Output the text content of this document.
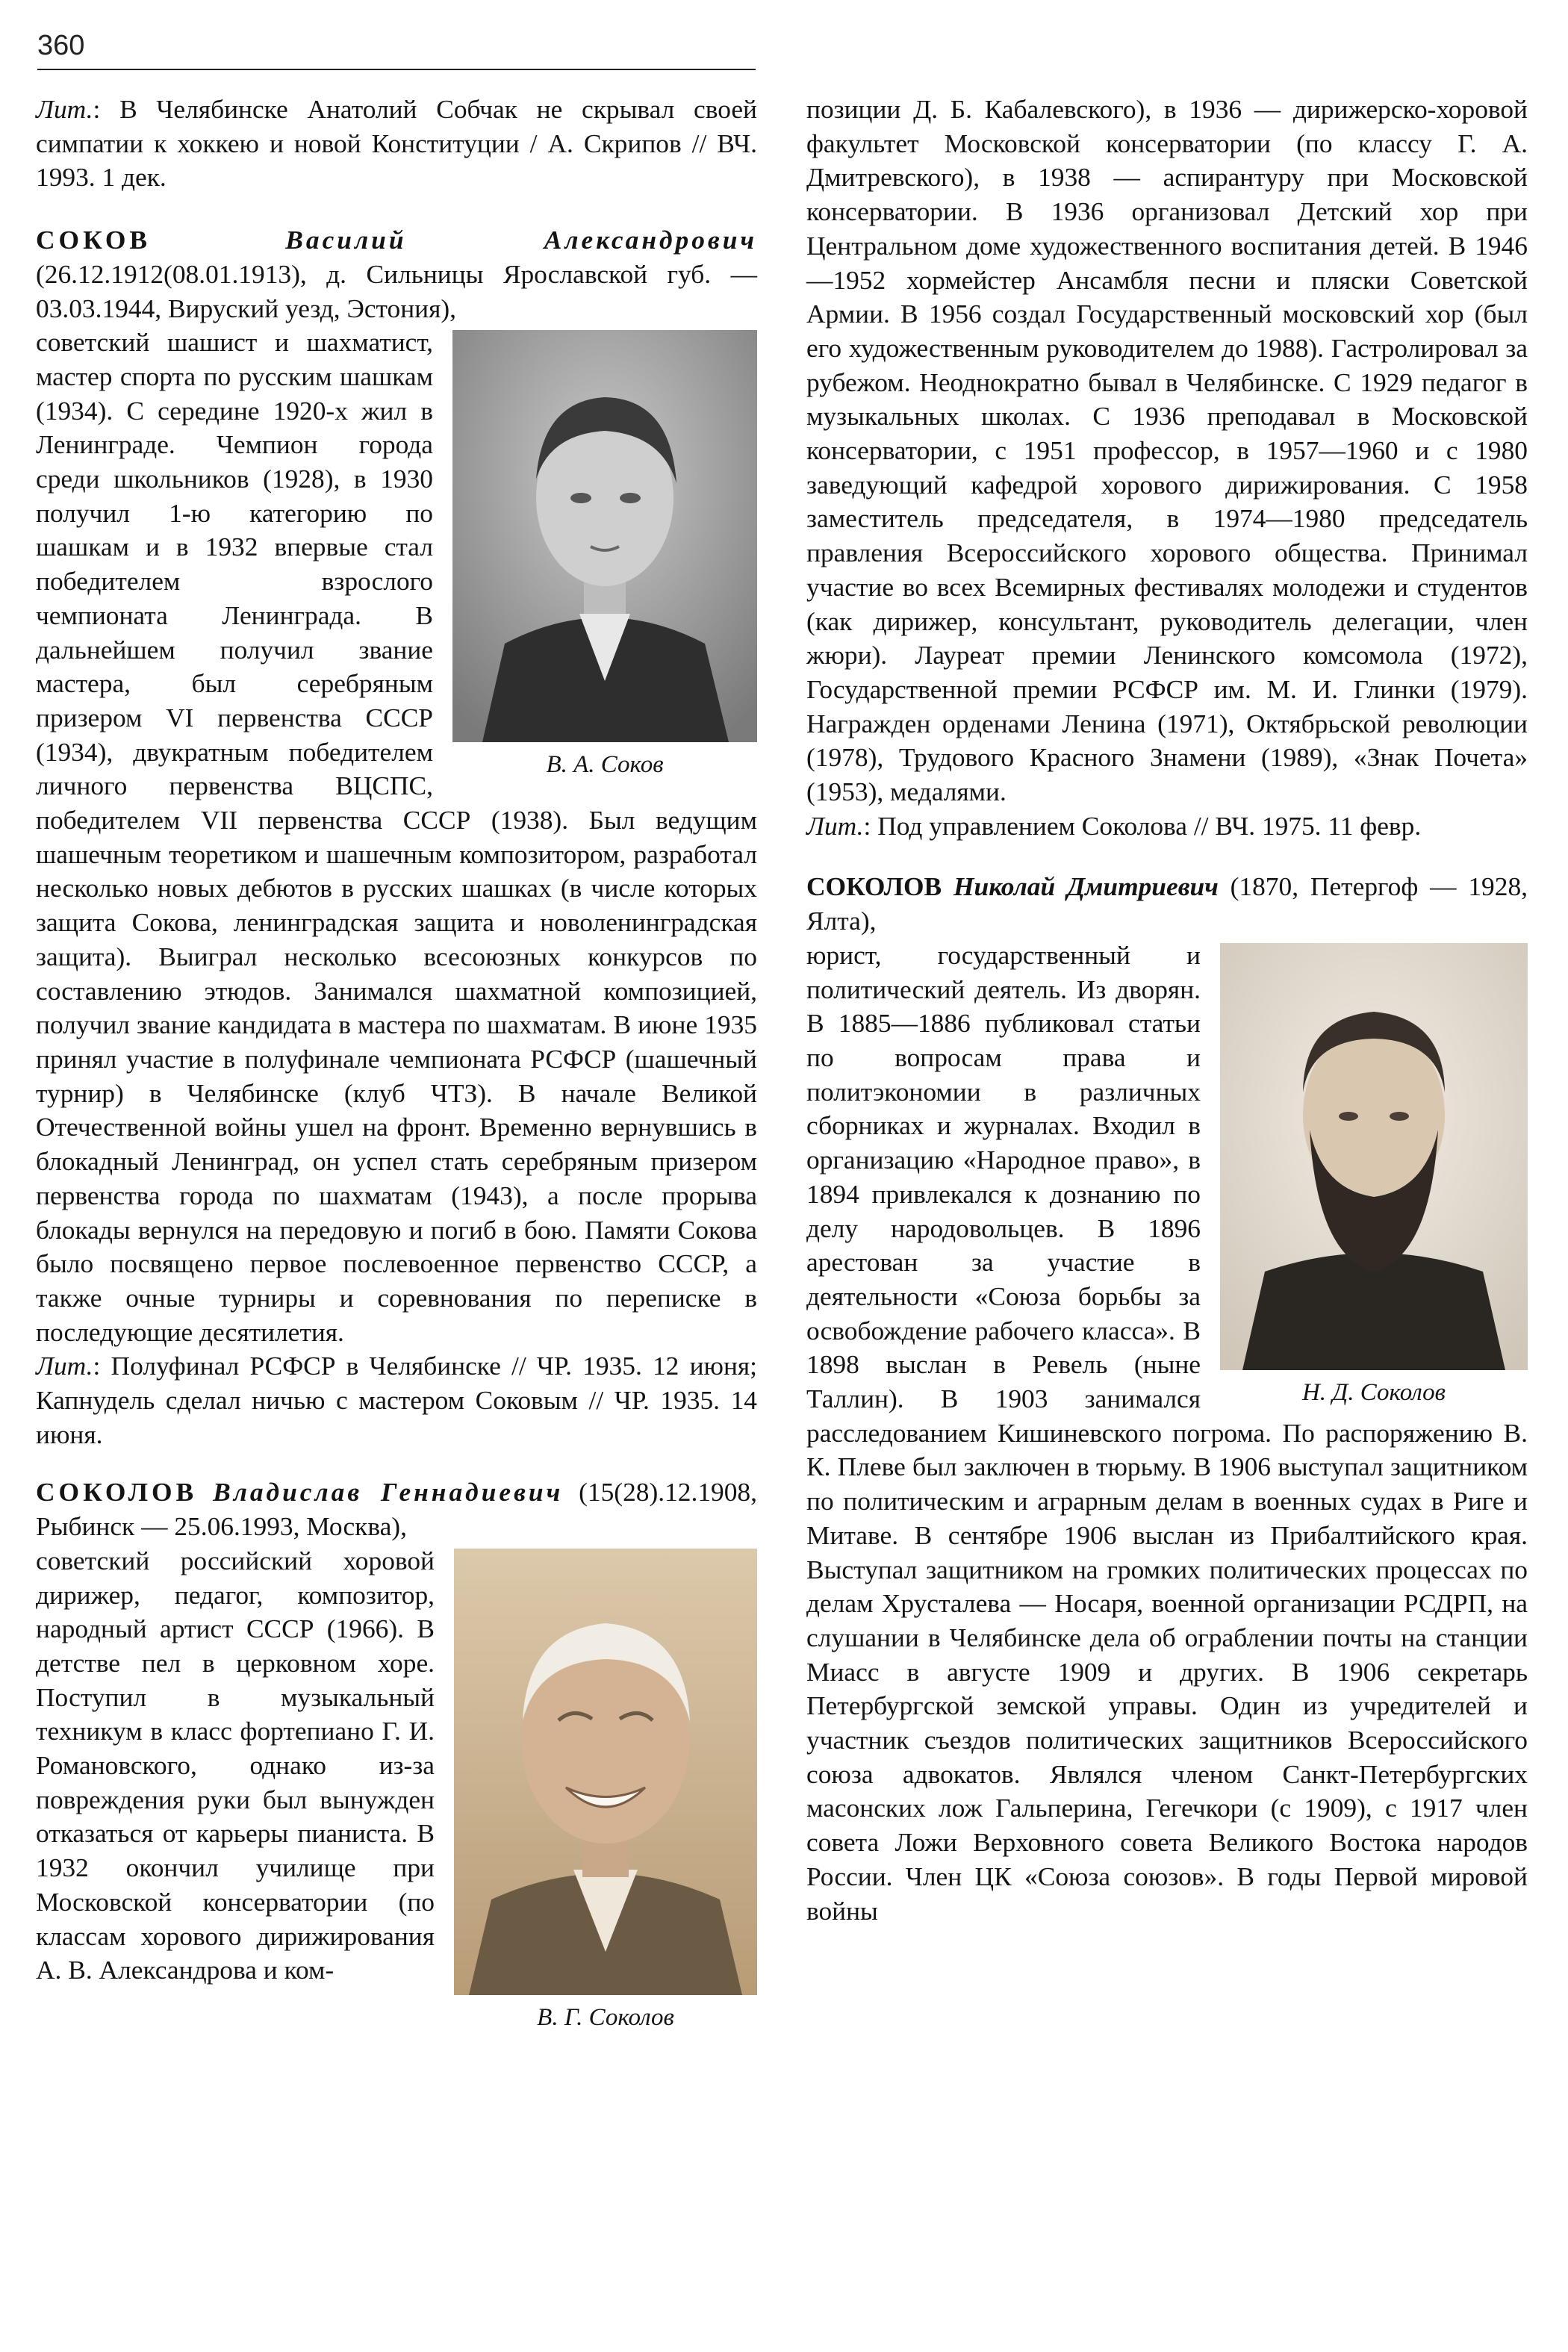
360

Лит.: В Челябинске Анатолий Собчак не скрывал своей симпатии к хоккею и новой Конституции / А. Скрипов // ВЧ. 1993. 1 дек.

СОКОВ	Василий Александрович (26.12.1912(08.01.1913), д. Сильницы Ярославской губ. — 03.03.1944, Вируский уезд, Эстония),

В. А. Соков

советский шашист и шахматист, мастер спорта по русским шашкам (1934). С середине 1920-х жил в Ленинграде. Чемпион города среди школьников (1928), в 1930 получил 1-ю категорию по шашкам и в 1932 впервые стал победителем взрослого чемпионата Ленинграда. В дальнейшем получил звание мастера, был серебряным призером VI первенства СССР (1934), двукратным победителем личного первенства ВЦСПС, победителем VII первенства СССР (1938). Был ведущим шашечным теоретиком и шашечным композитором, разработал несколько новых дебютов в русских шашках (в числе которых защита Сокова, ленинградская защита и новоленинградская защита). Выиграл несколько всесоюзных конкурсов по составлению этюдов. Занимался шахматной композицией, получил звание кандидата в мастера по шахматам. В июне 1935 принял участие в полуфинале чемпионата РСФСР (шашечный турнир) в Челябинске (клуб ЧТЗ). В начале Великой Отечественной войны ушел на фронт. Временно вернувшись в блокадный Ленинград, он успел стать серебряным призером первенства города по шахматам (1943), а после прорыва блокады вернулся на передовую и погиб в бою. Памяти Сокова было посвящено первое послевоенное первенство СССР, а также очные турниры и соревнования по переписке в последующие десятилетия.

Лит.: Полуфинал РСФСР в Челябинске // ЧР. 1935. 12 июня; Капнудель сделал ничью с мастером Соковым // ЧР. 1935. 14 июня.

СОКОЛОВ Владислав Геннадиевич (15(28).12.1908, Рыбинск — 25.06.1993, Москва),

В. Г. Соколов

советский российский хоровой дирижер, педагог, композитор, народный артист СССР (1966). В детстве пел в церковном хоре. Поступил в музыкальный техникум в класс фортепиано Г. И. Романовского, однако из-за повреждения руки был вынужден отказаться от карьеры пианиста. В 1932 окончил училище при Московской консерватории (по классам хорового дирижирования А. В. Александрова и ком-

позиции Д. Б. Кабалевского), в 1936 — дирижерско-хоровой факультет Московской консерватории (по классу Г. А. Дмитревского), в 1938 — аспирантуру при Московской консерватории. В 1936 организовал Детский хор при Центральном доме художественного воспитания детей. В 1946—1952 хормейстер Ансамбля песни и пляски Советской Армии. В 1956 создал Государственный московский хор (был его художественным руководителем до 1988). Гастролировал за рубежом. Неоднократно бывал в Челябинске. С 1929 педагог в музыкальных школах. С 1936 преподавал в Московской консерватории, с 1951 профессор, в 1957—1960 и с 1980 заведующий кафедрой хорового дирижирования. С 1958 заместитель председателя, в 1974—1980 председатель правления Всероссийского хорового общества. Принимал участие во всех Всемирных фестивалях молодежи и студентов (как дирижер, консультант, руководитель делегации, член жюри). Лауреат премии Ленинского комсомола (1972), Государственной премии РСФСР им. М. И. Глинки (1979). Награжден орденами Ленина (1971), Октябрьской революции (1978), Трудового Красного Знамени (1989), «Знак Почета» (1953), медалями.

Лит.: Под управлением Соколова // ВЧ. 1975. 11 февр.

СОКОЛОВ Николай Дмитриевич (1870, Петергоф — 1928, Ялта),

Н. Д. Соколов

юрист, государственный и политический деятель. Из дворян. В 1885—1886 публиковал статьи по вопросам права и политэкономии в различных сборниках и журналах. Входил в организацию «Народное право», в 1894 привлекался к дознанию по делу народовольцев. В 1896 арестован за участие в деятельности «Союза борьбы за освобождение рабочего класса». В 1898 выслан в Ревель (ныне Таллин). В 1903 занимался расследованием Кишиневского погрома. По распоряжению В. К. Плеве был заключен в тюрьму. В 1906 выступал защитником по политическим и аграрным делам в военных судах в Риге и Митаве. В сентябре 1906 выслан из Прибалтийского края. Выступал защитником на громких политических процессах по делам Хрусталева — Носаря, военной организации РСДРП, на слушании в Челябинске дела об ограблении почты на станции Миасс в августе 1909 и других. В 1906 секретарь Петербургской земской управы. Один из учредителей и участник съездов политических защитников Всероссийского союза адвокатов. Являлся членом Санкт-Петербургских масонских лож Гальперина, Гегечкори (с 1909), с 1917 член совета Ложи Верховного совета Великого Востока народов России. Член ЦК «Союза союзов». В годы Первой мировой войны
